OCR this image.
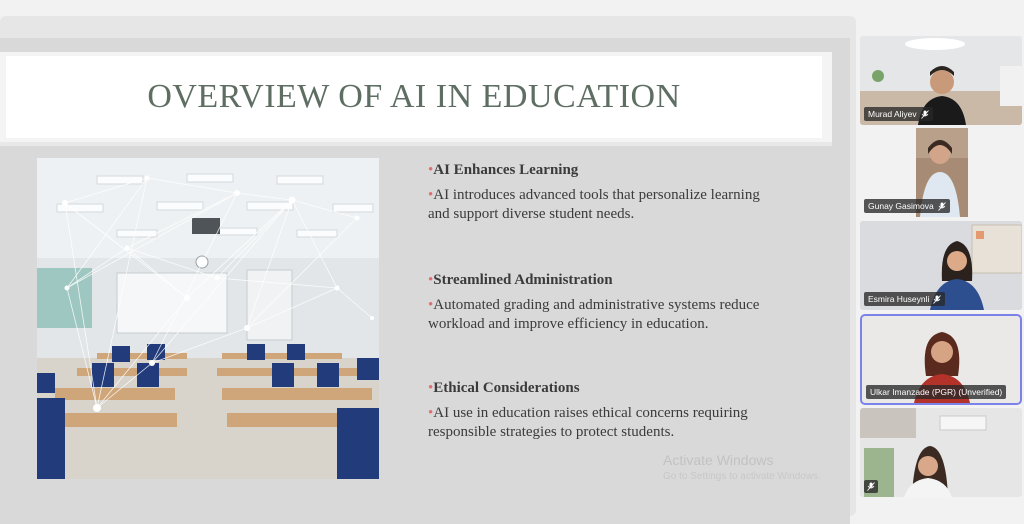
OVERVIEW OF AI IN EDUCATION
•AI Enhances Learning
•AI introduces advanced tools that personalize learning
and support diverse student needs.
•Streamlined Administration
•Automated grading and administrative systems reduce
workload and improve efficiency in education.
•Ethical Considerations
•AI use in education raises ethical concerns requiring
responsible strategies to protect students.
Activate Windows
Go to Settings to activate Windows.
Murad Aliyev
Gunay Gasimova
Esmira Huseynli
Ulkar Imanzade (PGR) (Unverified)
